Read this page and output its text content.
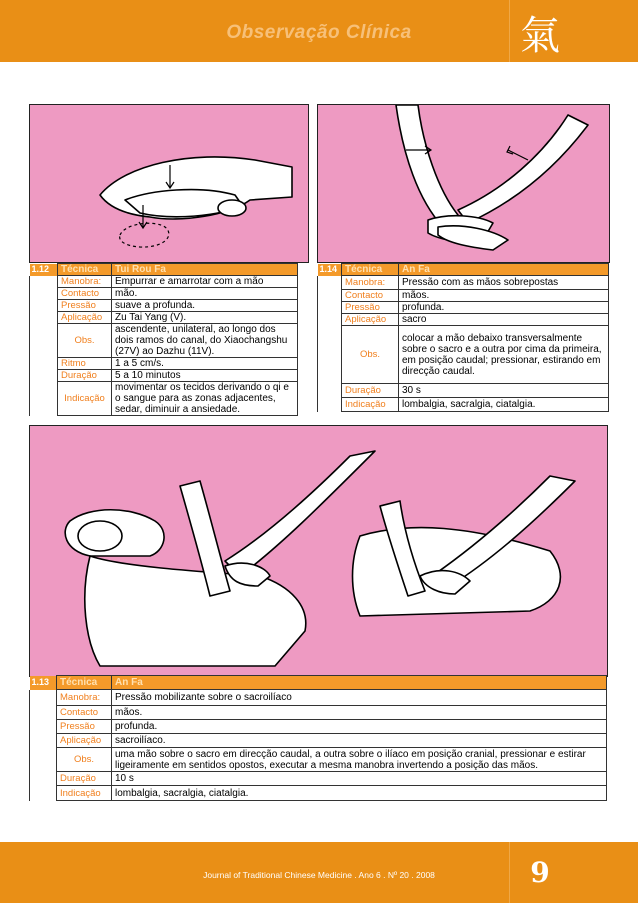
Observação Clínica	氣
1.12	Técnica	Tui Rou Fa
	Manobra:	Empurrar e amarrotar com a mão
	Contacto	mão.
	Pressão	suave a profunda.
	Aplicação	Zu Tai Yang (V).
	Obs.	ascendente, unilateral, ao longo dos dois ramos do canal, do Xiaochangshu (27V) ao Dazhu (11V).
	Ritmo	1 a 5 cm/s.
	Duração	5 a 10 minutos
	Indicação	movimentar os tecidos derivando o qi e o sangue para as zonas adjacentes, sedar, diminuir a ansiedade.
1.14	Técnica	An Fa
	Manobra:	Pressão com as mãos sobrepostas
	Contacto	mãos.
	Pressão	profunda.
	Aplicação	sacro
	Obs.	colocar a mão debaixo transversalmente sobre o sacro e a outra por cima da primeira, em posição caudal; pressionar, estirando em direcção caudal.
	Duração	30 s
	Indicação	lombalgia, sacralgia, ciatalgia.
1.13	Técnica	An Fa
	Manobra:	Pressão mobilizante sobre o sacroilíaco
	Contacto	mãos.
	Pressão	profunda.
	Aplicação	sacroilíaco.
	Obs.	uma mão sobre o sacro em direcção caudal, a outra sobre o ilíaco em posição cranial, pressionar e estirar ligeiramente em sentidos opostos, executar a mesma manobra invertendo a posição das mãos.
	Duração	10 s
	Indicação	lombalgia, sacralgia, ciatalgia.
Journal of Traditional Chinese Medicine . Ano 6 . Nº 20 . 2008	9
